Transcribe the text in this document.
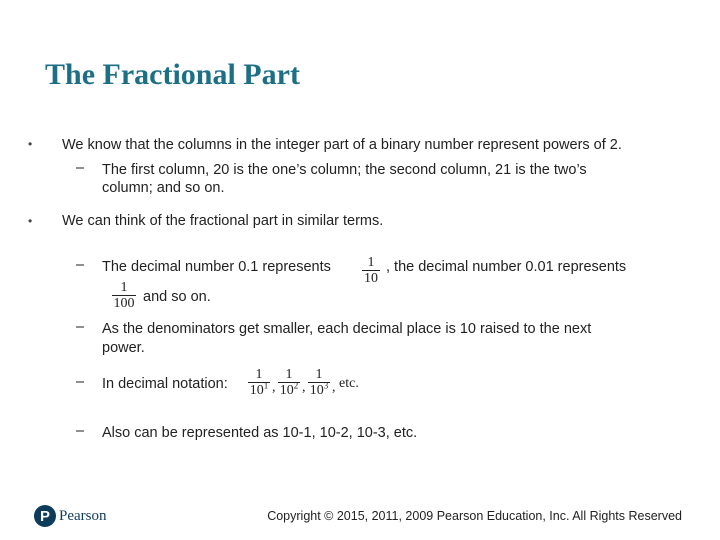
The Fractional Part
• We know that the columns in the integer part of a binary number represent powers of 2.
– The first column, 20 is the one’s column; the second column, 21 is the two’s
column; and so on.
• We can think of the fractional part in similar terms.
– The decimal number 0.1 represents	1
10
, the decimal number 0.01 represents
1
100 and so on.
– As the denominators get smaller, each decimal place is 10 raised to the next
power.
– In decimal notation:
1
$10^1$ ,
1
$10^2$ ,
1
$10^3$ , etc.
– Also can be represented as 10-1, 10-2, 10-3, etc.
P Pearson	Copyright © 2015, 2011, 2009 Pearson Education, Inc. All Rights Reserved
